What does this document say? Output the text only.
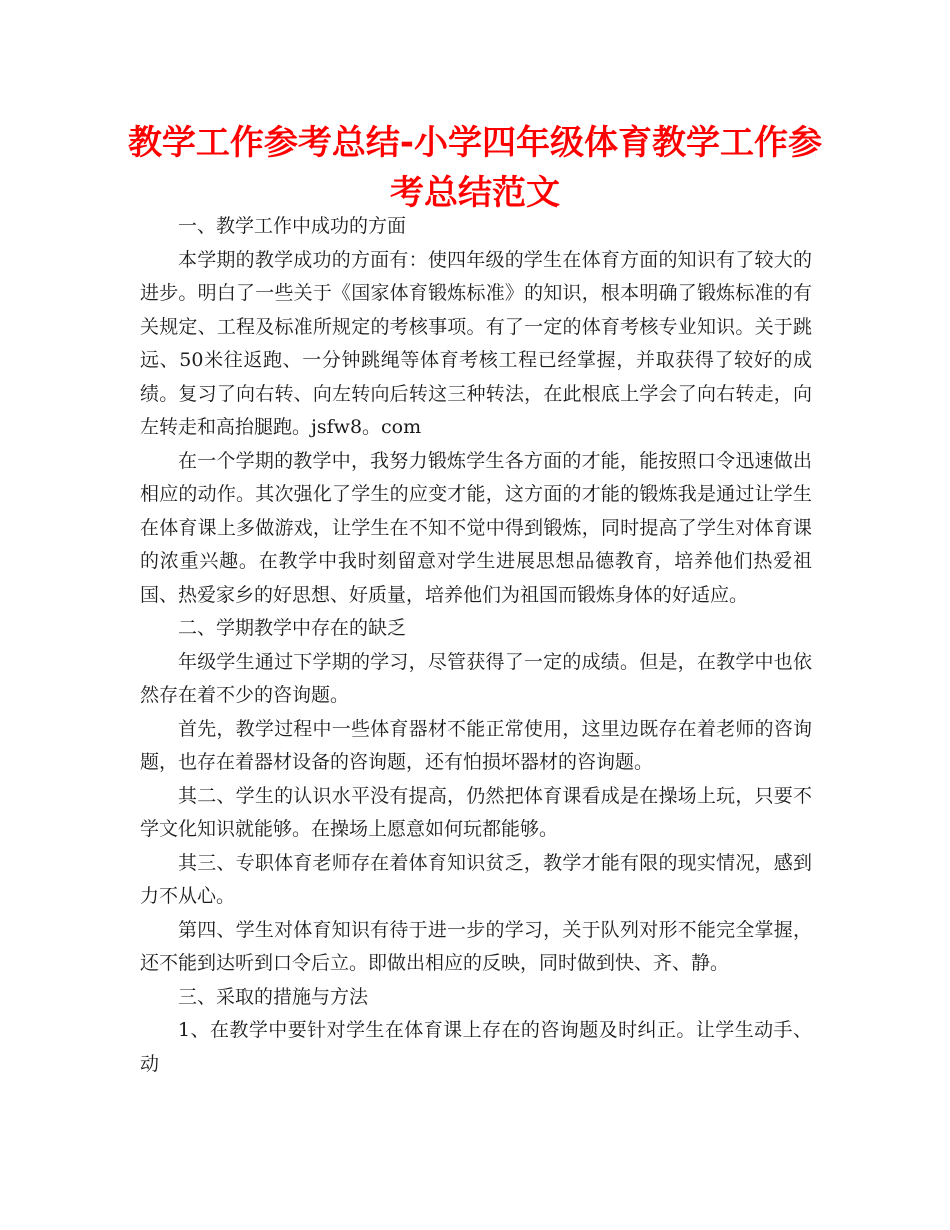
教学工作参考总结-小学四年级体育教学工作参考总结范文

一、教学工作中成功的方面

本学期的教学成功的方面有：使四年级的学生在体育方面的知识有了较大的进步。明白了一些关于《国家体育锻炼标准》的知识，根本明确了锻炼标准的有关规定、工程及标准所规定的考核事项。有了一定的体育考核专业知识。关于跳远、50米往返跑、一分钟跳绳等体育考核工程已经掌握，并取获得了较好的成绩。复习了向右转、向左转向后转这三种转法，在此根底上学会了向右转走，向左转走和高抬腿跑。jsfw8。com

在一个学期的教学中，我努力锻炼学生各方面的才能，能按照口令迅速做出相应的动作。其次强化了学生的应变才能，这方面的才能的锻炼我是通过让学生在体育课上多做游戏，让学生在不知不觉中得到锻炼，同时提高了学生对体育课的浓重兴趣。在教学中我时刻留意对学生进展思想品德教育，培养他们热爱祖国、热爱家乡的好思想、好质量，培养他们为祖国而锻炼身体的好适应。

二、学期教学中存在的缺乏

年级学生通过下学期的学习，尽管获得了一定的成绩。但是，在教学中也依然存在着不少的咨询题。

首先，教学过程中一些体育器材不能正常使用，这里边既存在着老师的咨询题，也存在着器材设备的咨询题，还有怕损坏器材的咨询题。

其二、学生的认识水平没有提高，仍然把体育课看成是在操场上玩，只要不学文化知识就能够。在操场上愿意如何玩都能够。

其三、专职体育老师存在着体育知识贫乏，教学才能有限的现实情况，感到力不从心。

第四、学生对体育知识有待于进一步的学习，关于队列对形不能完全掌握，还不能到达听到口令后立。即做出相应的反映，同时做到快、齐、静。

三、采取的措施与方法

1、在教学中要针对学生在体育课上存在的咨询题及时纠正。让学生动手、动
